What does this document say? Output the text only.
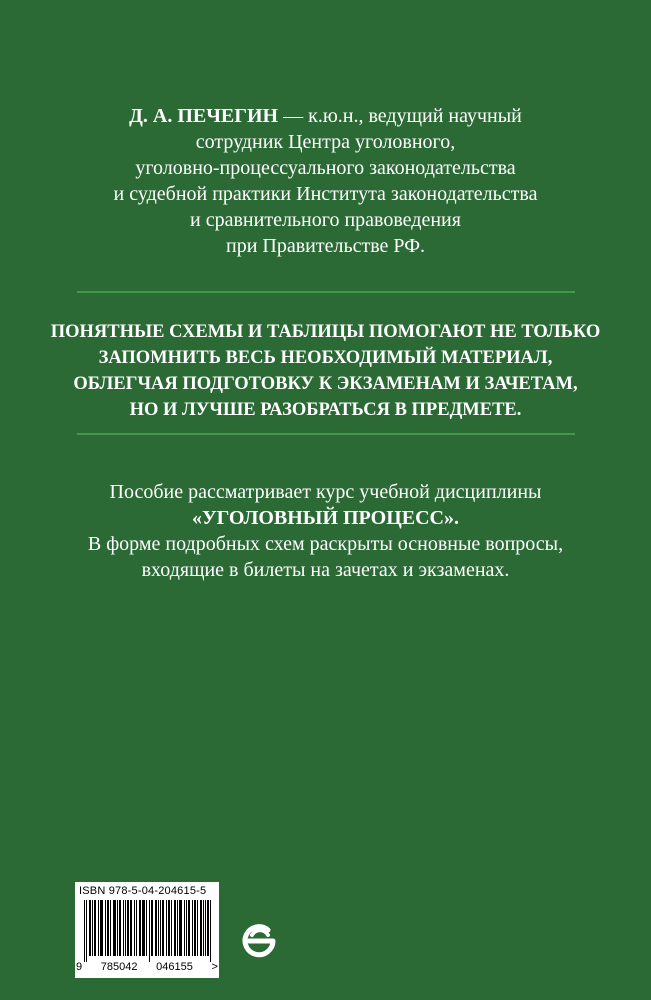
Д. А. ПЕЧЕГИН — к.ю.н., ведущий научный
сотрудник Центра уголовного,
уголовно-процессуального законодательства
и судебной практики Института законодательства
и сравнительного правоведения
при Правительстве РФ.
ПОНЯТНЫЕ СХЕМЫ И ТАБЛИЦЫ ПОМОГАЮТ НЕ ТОЛЬКО
ЗАПОМНИТЬ ВЕСЬ НЕОБХОДИМЫЙ МАТЕРИАЛ,
ОБЛЕГЧАЯ ПОДГОТОВКУ К ЭКЗАМЕНАМ И ЗАЧЕТАМ,
НО И ЛУЧШЕ РАЗОБРАТЬСЯ В ПРЕДМЕТЕ.
Пособие рассматривает курс учебной дисциплины

«УГОЛОВНЫЙ ПРОЦЕСС».
В форме подробных схем раскрыты основные вопросы,
входящие в билеты на зачетах и экзаменах.
ISBN 978-5-04-204615-5
9 785042 046155 >
